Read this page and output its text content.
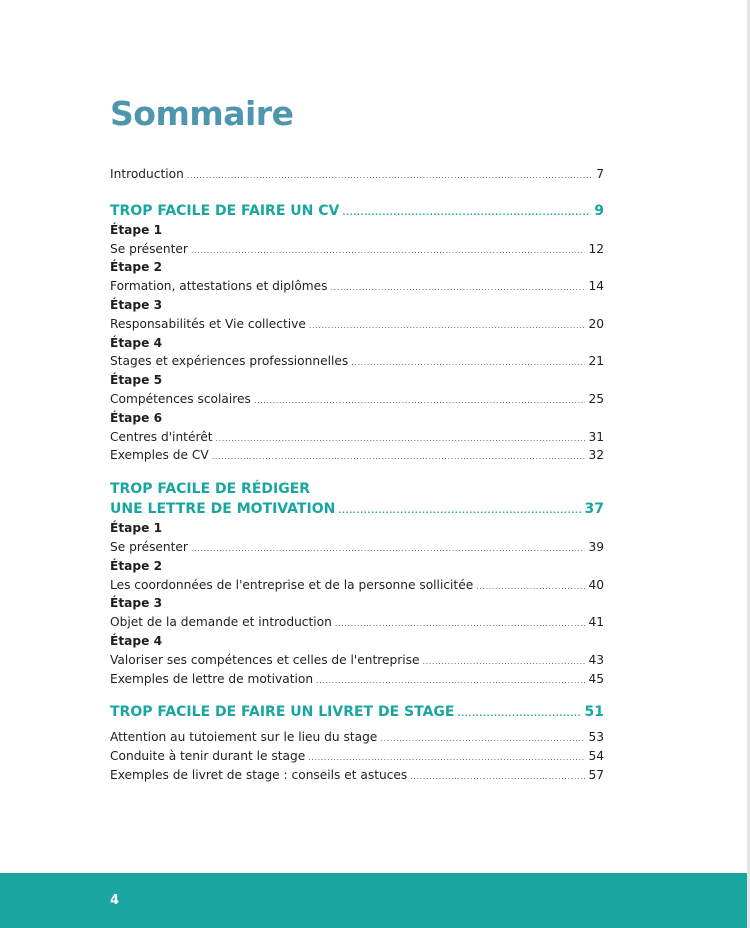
Sommaire
Introduction .....	7
TROP FACILE DE FAIRE UN CV .....	9
Étape 1
Se présenter .....	12
Étape 2
Formation, attestations et diplômes .....	14
Étape 3
Responsabilités et Vie collective .....	20
Étape 4
Stages et expériences professionnelles .....	21
Étape 5
Compétences scolaires .....	25
Étape 6
Centres d'intérêt .....	31
Exemples de CV .....	32
TROP FACILE DE RÉDIGER
UNE LETTRE DE MOTIVATION .....	37
Étape 1
Se présenter .....	39
Étape 2
Les coordonnées de l'entreprise et de la personne sollicitée .....	40
Étape 3
Objet de la demande et introduction .....	41
Étape 4
Valoriser ses compétences et celles de l'entreprise .....	43
Exemples de lettre de motivation .....	45
TROP FACILE DE FAIRE UN LIVRET DE STAGE .....	51
Attention au tutoiement sur le lieu du stage .....	53
Conduite à tenir durant le stage .....	54
Exemples de livret de stage : conseils et astuces .....	57

4
